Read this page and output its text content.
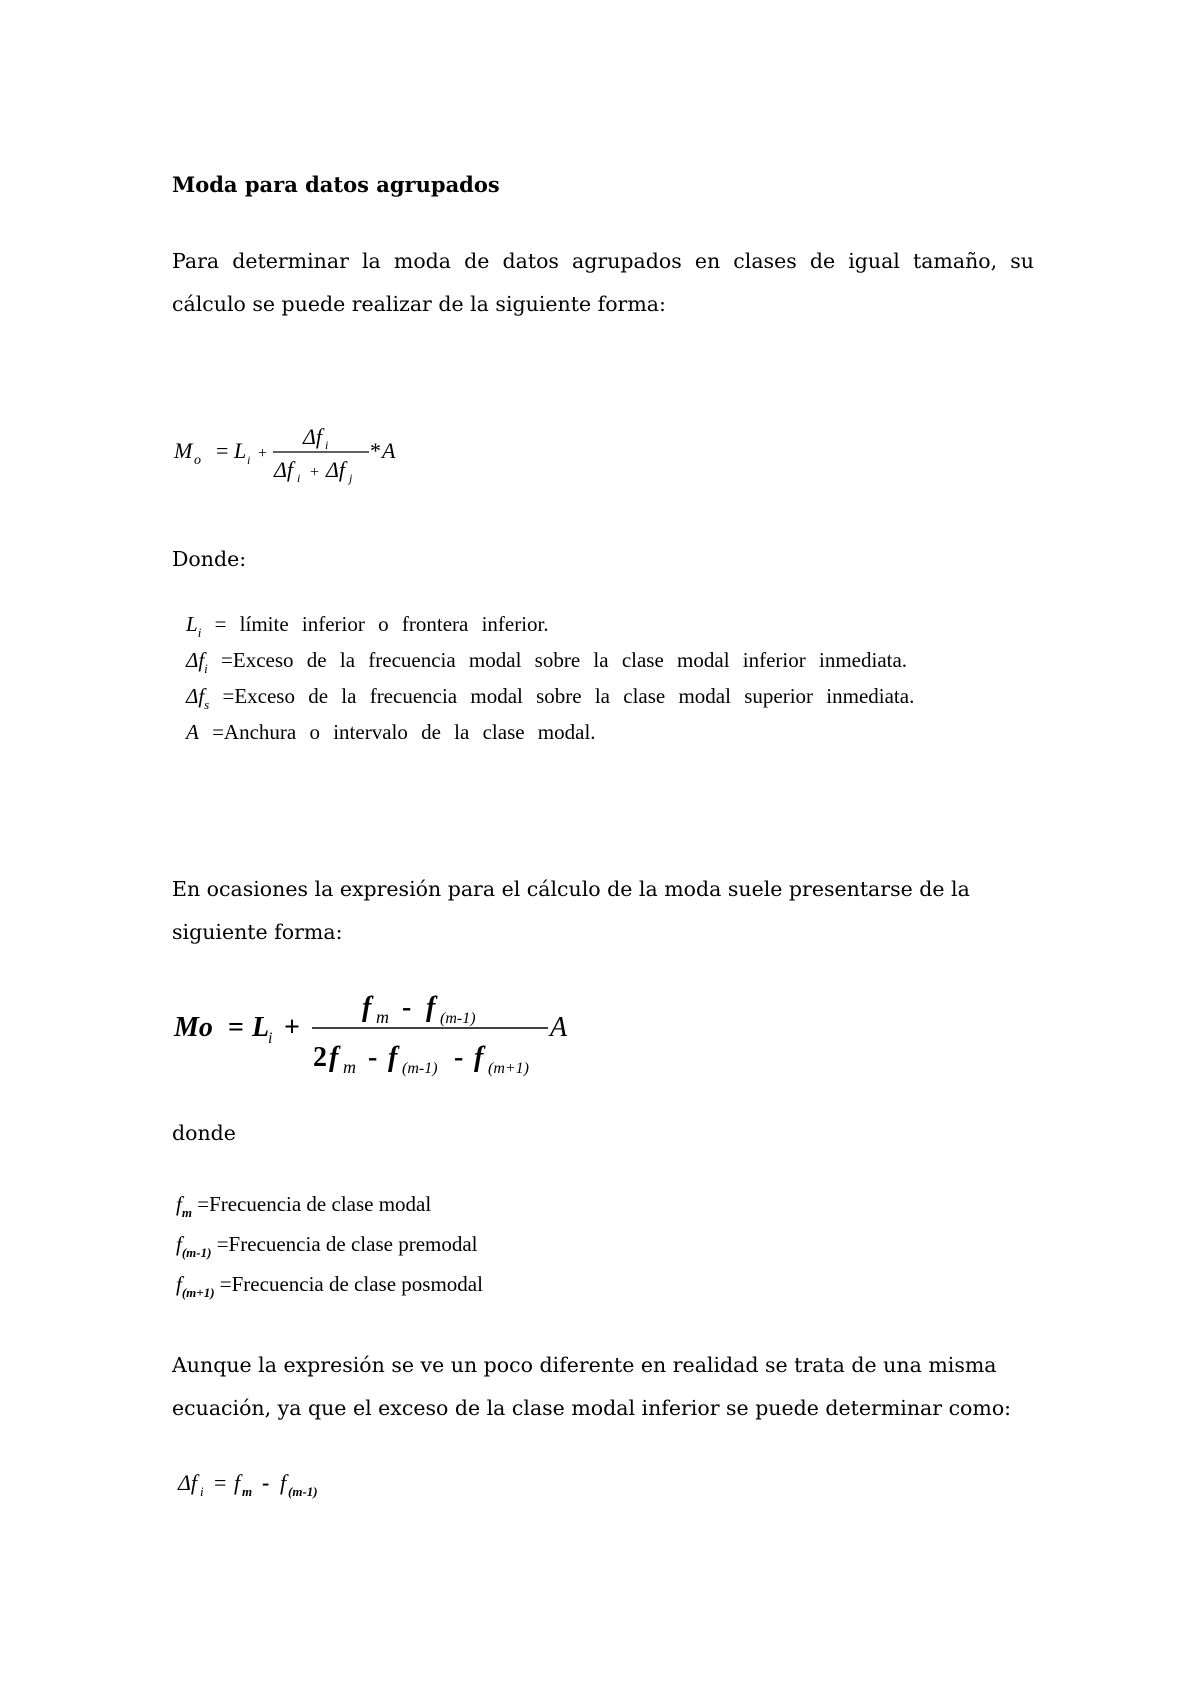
Moda para datos agrupados

Para determinar la moda de datos agrupados en clases de igual tamaño, su cálculo se puede realizar de la siguiente forma:

M o = L i +
Δf i
Δf i + Δf j
* A

Donde:

$L_i$ = límite inferior o frontera inferior.
$\Delta f_i$ =Exceso de la frecuencia modal sobre la clase modal inferior inmediata.
$\Delta f_s$ =Exceso de la frecuencia modal sobre la clase modal superior inmediata.
A =Anchura o intervalo de la clase modal.

En ocasiones la expresión para el cálculo de la moda suele presentarse de la siguiente forma:

Mo = L
i +
f m - f (m-1)
2 f m - f (m-1) - f (m+1)
A

donde

$f_m$ =Frecuencia de clase modal
$f_{(m-1)}$ =Frecuencia de clase premodal
$f_{(m+1)}$ =Frecuencia de clase posmodal

Aunque la expresión se ve un poco diferente en realidad se trata de una misma ecuación, ya que el exceso de la clase modal inferior se puede determinar como:

Δf i = f m - f (m-1)
